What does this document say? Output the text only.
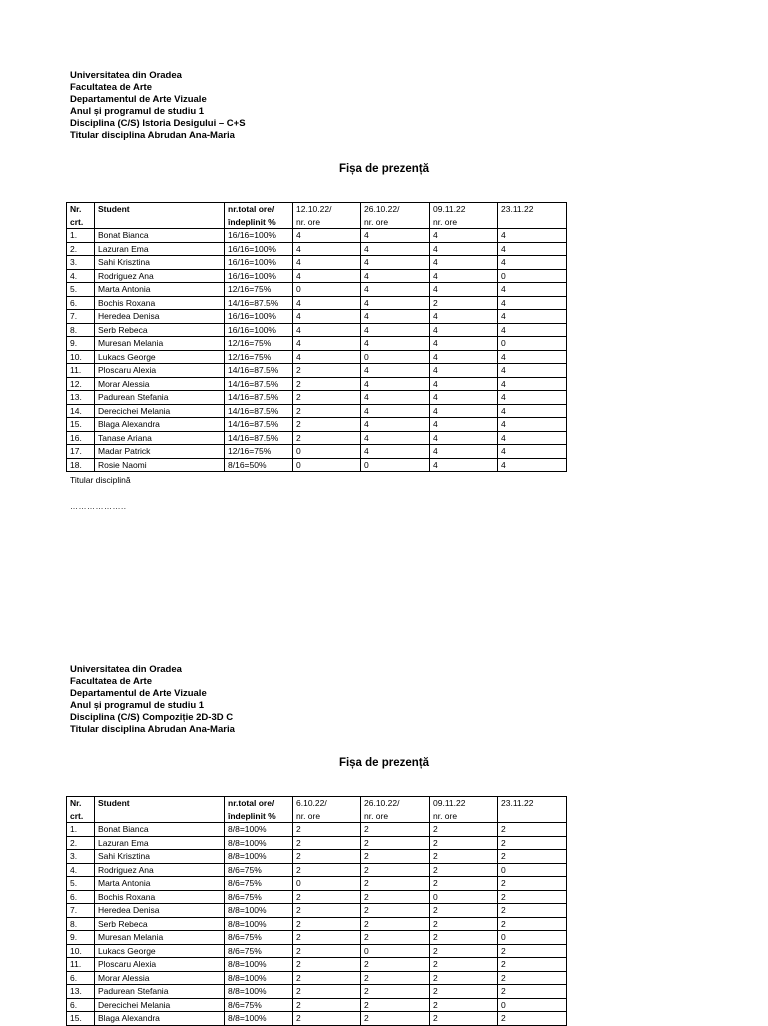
Universitatea din Oradea
Facultatea de Arte
Departamentul de Arte Vizuale
Anul și programul de studiu 1
Disciplina (C/S) Istoria Desigului – C+S
Titular disciplina Abrudan Ana-Maria
Fișa de prezență
Nr.	Student	nr.total ore/	12.10.22/	26.10.22/	09.11.22	23.11.22
crt.		îndeplinit %	nr. ore	nr. ore	nr. ore	
1.	Bonat Bianca	16/16=100%	4	4	4	4
2.	Lazuran Ema	16/16=100%	4	4	4	4
3.	Sahi Krisztina	16/16=100%	4	4	4	4
4.	Rodriguez Ana	16/16=100%	4	4	4	0
5.	Marta Antonia	12/16=75%	0	4	4	4
6.	Bochis Roxana	14/16=87.5%	4	4	2	4
7.	Heredea Denisa	16/16=100%	4	4	4	4
8.	Serb Rebeca	16/16=100%	4	4	4	4
9.	Muresan Melania	12/16=75%	4	4	4	0
10.	Lukacs George	12/16=75%	4	0	4	4
11.	Ploscaru Alexia	14/16=87.5%	2	4	4	4
12.	Morar Alessia	14/16=87.5%	2	4	4	4
13.	Padurean Stefania	14/16=87.5%	2	4	4	4
14.	Derecichei Melania	14/16=87.5%	2	4	4	4
15.	Blaga Alexandra	14/16=87.5%	2	4	4	4
16.	Tanase Ariana	14/16=87.5%	2	4	4	4
17.	Madar Patrick	12/16=75%	0	4	4	4
18.	Rosie Naomi	8/16=50%	0	0	4	4
Titular disciplină
………………..
Universitatea din Oradea
Facultatea de Arte
Departamentul de Arte Vizuale
Anul și programul de studiu 1
Disciplina (C/S) Compoziție 2D-3D C
Titular disciplina Abrudan Ana-Maria
Fișa de prezență
Nr.	Student	nr.total ore/	6.10.22/	26.10.22/	09.11.22	23.11.22
crt.		îndeplinit %	nr. ore	nr. ore	nr. ore	
1.	Bonat Bianca	8/8=100%	2	2	2	2
2.	Lazuran Ema	8/8=100%	2	2	2	2
3.	Sahi Krisztina	8/8=100%	2	2	2	2
4.	Rodriguez Ana	8/6=75%	2	2	2	0
5.	Marta Antonia	8/6=75%	0	2	2	2
6.	Bochis Roxana	8/6=75%	2	2	0	2
7.	Heredea Denisa	8/8=100%	2	2	2	2
8.	Serb Rebeca	8/8=100%	2	2	2	2
9.	Muresan Melania	8/6=75%	2	2	2	0
10.	Lukacs George	8/6=75%	2	0	2	2
11.	Ploscaru Alexia	8/8=100%	2	2	2	2
6.	Morar Alessia	8/8=100%	2	2	2	2
13.	Padurean Stefania	8/8=100%	2	2	2	2
6.	Derecichei Melania	8/6=75%	2	2	2	0
15.	Blaga Alexandra	8/8=100%	2	2	2	2
